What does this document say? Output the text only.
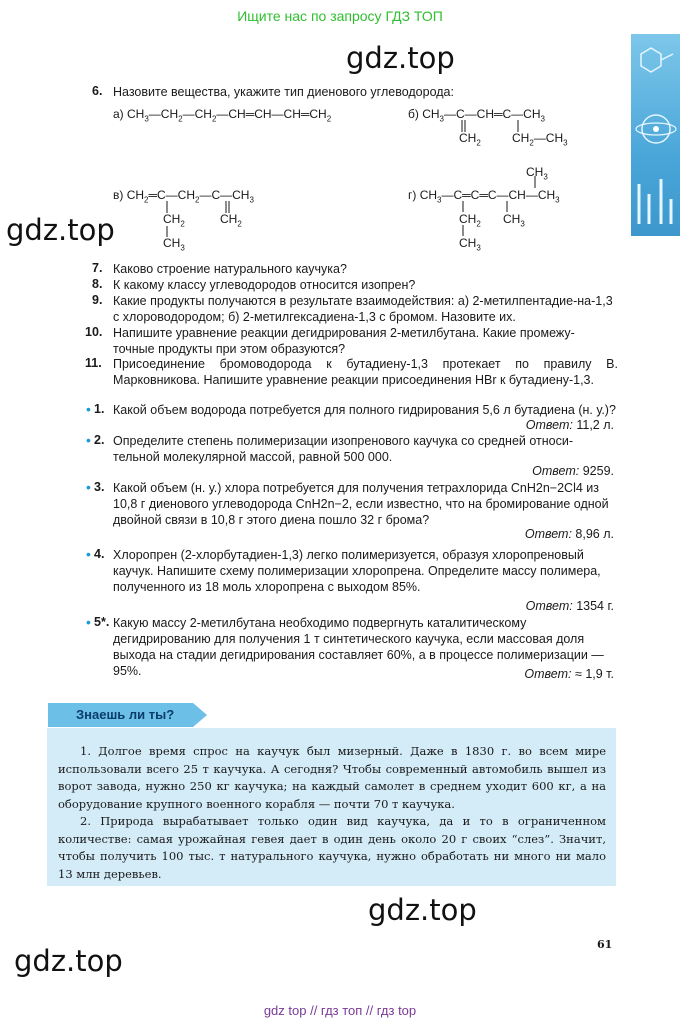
Ищите нас по запросу ГДЗ ТОП
gdz.top
gdz.top
gdz.top
gdz.top
6. Назовите вещества, укажите тип диенового углеводорода:
а) $CH_3—CH_2—CH_2—CH═CH—CH═CH_2$	б) $CH_3—C—CH═C—CH_3$
$CH_2$	$CH_2—CH_3$
в) $CH_2═C—CH_2—C—CH_3$
$CH_2$	$CH_2$
$CH_3$
$CH_3$
г) $CH_3—C═C═C—CH—CH_3$
$CH_2$ $CH_3$
$CH_3$
7. Каково строение натурального каучука?
8. К какому классу углеводородов относится изопрен?
9. Какие продукты получаются в результате взаимодействия: а) 2-метилпентадие-на-1,3 с хлороводородом; б) 2-метилгексадиена-1,3 с бромом. Назовите их.
10. Напишите уравнение реакции дегидрирования 2-метилбутана. Какие промежу-точные продукты при этом образуются?
11. Присоединение бромоводорода к бутадиену-1,3 протекает по правилу В. Марковникова. Напишите уравнение реакции присоединения HBr к бутадиену-1,3.
• 1. Какой объем водорода потребуется для полного гидрирования 5,6 л бутадиена (н. у.)?
Ответ: 11,2 л.
• 2. Определите степень полимеризации изопренового каучука со средней относи-тельной молекулярной массой, равной 500 000.
Ответ: 9259.
• 3. Какой объем (н. у.) хлора потребуется для получения тетрахлорида CnH2n−2Cl4 из 10,8 г диенового углеводорода CnH2n−2, если известно, что на бромирование одной двойной связи в 10,8 г этого диена пошло 32 г брома?
Ответ: 8,96 л.
• 4. Хлоропрен (2-хлорбутадиен-1,3) легко полимеризуется, образуя хлоропреновый каучук. Напишите схему полимеризации хлоропрена. Определите массу полимера, полученного из 18 моль хлоропрена с выходом 85%.
Ответ: 1354 г.
• 5*. Какую массу 2-метилбутана необходимо подвергнуть каталитическому дегидрированию для получения 1 т синтетического каучука, если массовая доля выхода на стадии дегидрирования составляет 60%, а в процессе полимеризации — 95%.	Ответ: ≈ 1,9 т.
Знаешь ли ты?

1. Долгое время спрос на каучук был мизерный. Даже в 1830 г. во всем мире использовали всего 25 т каучука. А сегодня? Чтобы современный автомобиль вышел из ворот завода, нужно 250 кг каучука; на каждый самолет в среднем уходит 600 кг, а на оборудование крупного военного корабля — почти 70 т каучука.

2. Природа вырабатывает только один вид каучука, да и то в ограниченном количестве: самая урожайная гевея дает в один день около 20 г своих “слез”. Значит, чтобы получить 100 тыс. т натурального каучука, нужно обработать ни много ни мало 13 млн деревьев.

61
gdz top // гдз топ // гдз top
